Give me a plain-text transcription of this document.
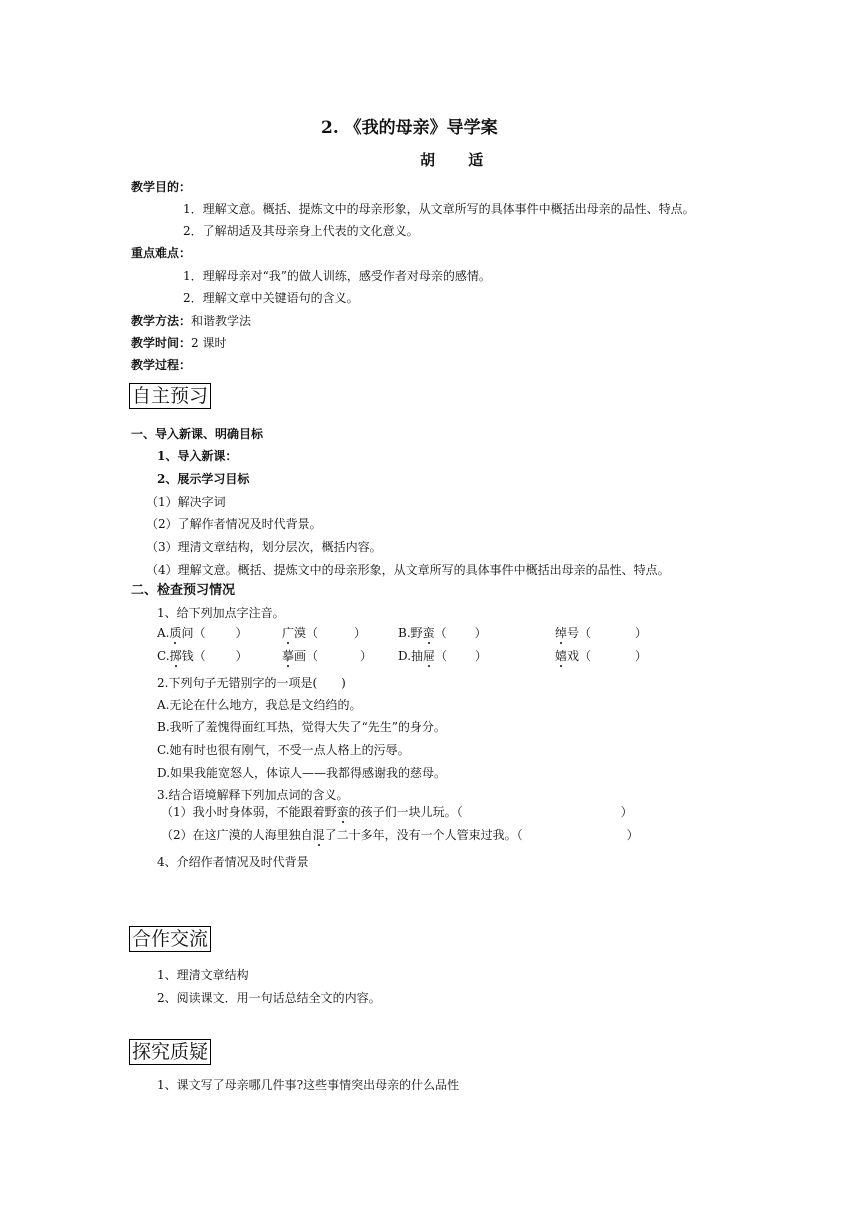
2. 《我的母亲》导学案
胡 适
教学目的：
1．理解文意。概括、提炼文中的母亲形象，从文章所写的具体事件中概括出母亲的品性、特点。
2．了解胡适及其母亲身上代表的文化意义。
重点难点：
1．理解母亲对“我”的做人训练，感受作者对母亲的感情。
2．理解文章中关键语句的含义。
教学方法：和谐教学法
教学时间：2 课时
教学过程：
自主预习
一、导入新课、明确目标
1、导入新课：
2、展示学习目标
（1）解决字词
（2）了解作者情况及时代背景。
（3）理清文章结构，划分层次，概括内容。
（4）理解文意。概括、提炼文中的母亲形象，从文章所写的具体事件中概括出母亲的品性、特点。
二、检查预习情况
1、给下列加点字注音。
A.质问（	）	广漠（	）	B.野蛮（ ）	绰号（	）
C.掷钱（	）	摹画（	） D.抽屉（ ）	嬉戏（	）
2.下列句子无错别字的一项是(　　)
A.无论在什么地方，我总是文绉绉的。
B.我听了羞愧得面红耳热，觉得大失了“先生”的身分。
C.她有时也很有刚气，不受一点人格上的污辱。
D.如果我能宽怒人，体谅人——我都得感谢我的慈母。
3.结合语境解释下列加点词的含义。
（1）我小时身体弱，不能跟着野蛮的孩子们一块儿玩。（	）
（2）在这广漠的人海里独自混了二十多年，没有一个人管束过我。（	）
4、介绍作者情况及时代背景
合作交流
1、理清文章结构
2、阅读课文．用一句话总结全文的内容。
探究质疑
1、课文写了母亲哪几件事?这些事情突出母亲的什么品性
